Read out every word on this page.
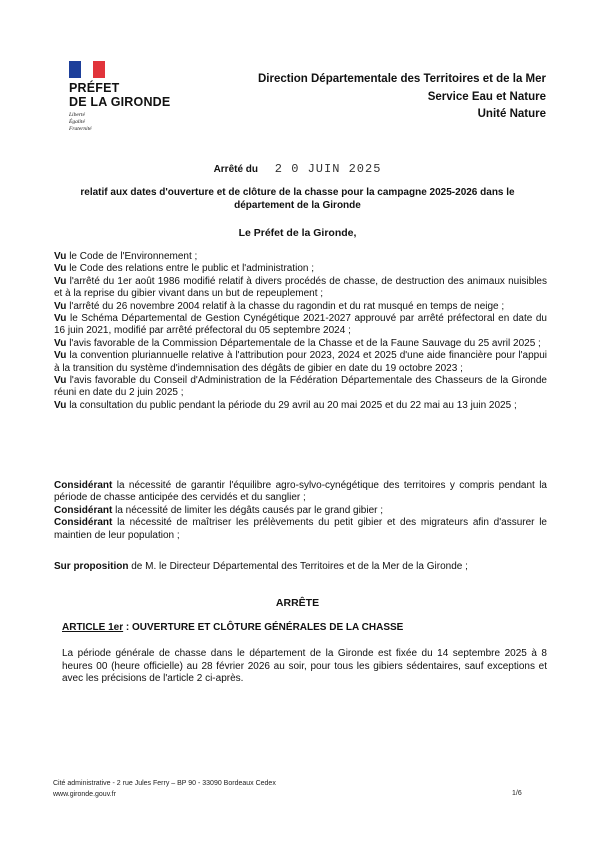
PRÉFET
DE LA GIRONDE
Liberté
Égalité
Fraternité
Direction Départementale des Territoires et de la Mer
Service Eau et Nature
Unité Nature
Arrêté du 2 0 JUIN 2025
relatif aux dates d'ouverture et de clôture de la chasse pour la campagne 2025-2026 dans le département de la Gironde
Le Préfet de la Gironde,

Vu le Code de l'Environnement ;

Vu le Code des relations entre le public et l'administration ;

Vu l'arrêté du 1er août 1986 modifié relatif à divers procédés de chasse, de destruction des animaux nuisibles et à la reprise du gibier vivant dans un but de repeuplement ;

Vu l'arrêté du 26 novembre 2004 relatif à la chasse du ragondin et du rat musqué en temps de neige ;

Vu le Schéma Départemental de Gestion Cynégétique 2021-2027 approuvé par arrêté préfectoral en date du 16 juin 2021, modifié par arrêté préfectoral du 05 septembre 2024 ;

Vu l'avis favorable de la Commission Départementale de la Chasse et de la Faune Sauvage du 25 avril 2025 ;

Vu la convention pluriannuelle relative à l'attribution pour 2023, 2024 et 2025 d'une aide financière pour l'appui à la transition du système d'indemnisation des dégâts de gibier en date du 19 octobre 2023 ;

Vu l'avis favorable du Conseil d'Administration de la Fédération Départementale des Chasseurs de la Gironde réuni en date du 2 juin 2025 ;

Vu la consultation du public pendant la période du 29 avril au 20 mai 2025 et du 22 mai au 13 juin 2025 ;

Considérant la nécessité de garantir l'équilibre agro-sylvo-cynégétique des territoires y compris pendant la période de chasse anticipée des cervidés et du sanglier ;

Considérant la nécessité de limiter les dégâts causés par le grand gibier ;

Considérant la nécessité de maîtriser les prélèvements du petit gibier et des migrateurs afin d'assurer le maintien de leur population ;

Sur proposition de M. le Directeur Départemental des Territoires et de la Mer de la Gironde ;
ARRÊTE
ARTICLE 1er : OUVERTURE ET CLÔTURE GÉNÉRALES DE LA CHASSE
La période générale de chasse dans le département de la Gironde est fixée du 14 septembre 2025 à 8 heures 00 (heure officielle) au 28 février 2026 au soir, pour tous les gibiers sédentaires, sauf exceptions et avec les précisions de l'article 2 ci-après.
Cité administrative - 2 rue Jules Ferry – BP 90 - 33090 Bordeaux Cedex
www.gironde.gouv.fr	1/6
